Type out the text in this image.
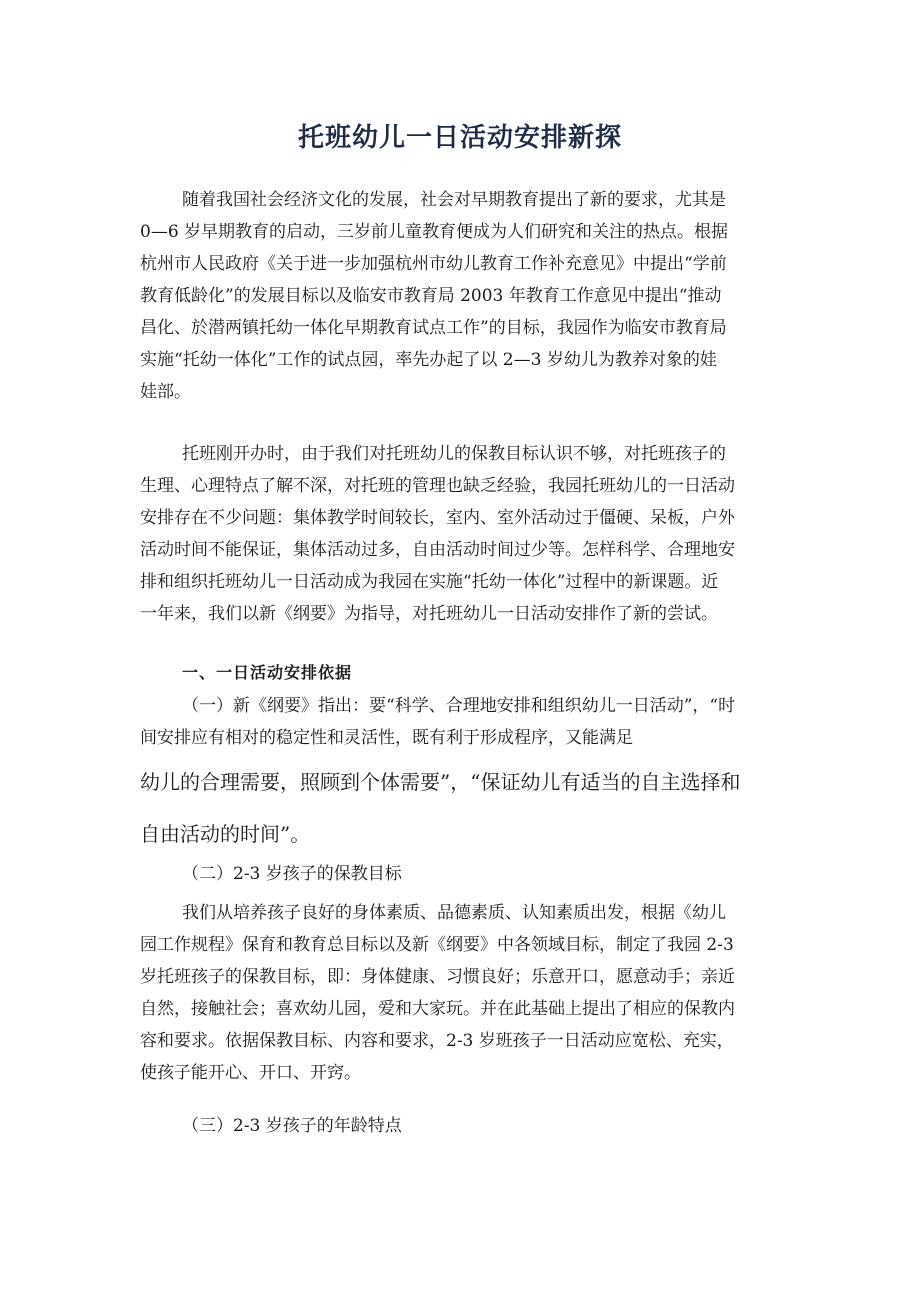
托班幼儿一日活动安排新探
随着我国社会经济文化的发展，社会对早期教育提出了新的要求，尤其是
0—6 岁早期教育的启动，三岁前儿童教育便成为人们研究和关注的热点。根据
杭州市人民政府《关于进一步加强杭州市幼儿教育工作补充意见》中提出“学前
教育低龄化”的发展目标以及临安市教育局 2003 年教育工作意见中提出“推动
昌化、於潜两镇托幼一体化早期教育试点工作”的目标，我园作为临安市教育局
实施“托幼一体化”工作的试点园，率先办起了以 2—3 岁幼儿为教养对象的娃
娃部。
托班刚开办时，由于我们对托班幼儿的保教目标认识不够，对托班孩子的
生理、心理特点了解不深，对托班的管理也缺乏经验，我园托班幼儿的一日活动
安排存在不少问题：集体教学时间较长，室内、室外活动过于僵硬、呆板，户外
活动时间不能保证，集体活动过多，自由活动时间过少等。怎样科学、合理地安
排和组织托班幼儿一日活动成为我园在实施“托幼一体化”过程中的新课题。近
一年来，我们以新《纲要》为指导，对托班幼儿一日活动安排作了新的尝试。
一、一日活动安排依据
（一）新《纲要》指出：要“科学、合理地安排和组织幼儿一日活动”，“时
间安排应有相对的稳定性和灵活性，既有利于形成程序，又能满足
幼儿的合理需要，照顾到个体需要”，“保证幼儿有适当的自主选择和
自由活动的时间”。
（二）2-3 岁孩子的保教目标
我们从培养孩子良好的身体素质、品德素质、认知素质出发，根据《幼儿
园工作规程》保育和教育总目标以及新《纲要》中各领域目标，制定了我园 2-3
岁托班孩子的保教目标，即：身体健康、习惯良好；乐意开口，愿意动手；亲近
自然，接触社会；喜欢幼儿园，爱和大家玩。并在此基础上提出了相应的保教内
容和要求。依据保教目标、内容和要求，2-3 岁班孩子一日活动应宽松、充实，
使孩子能开心、开口、开窍。
（三）2-3 岁孩子的年龄特点
